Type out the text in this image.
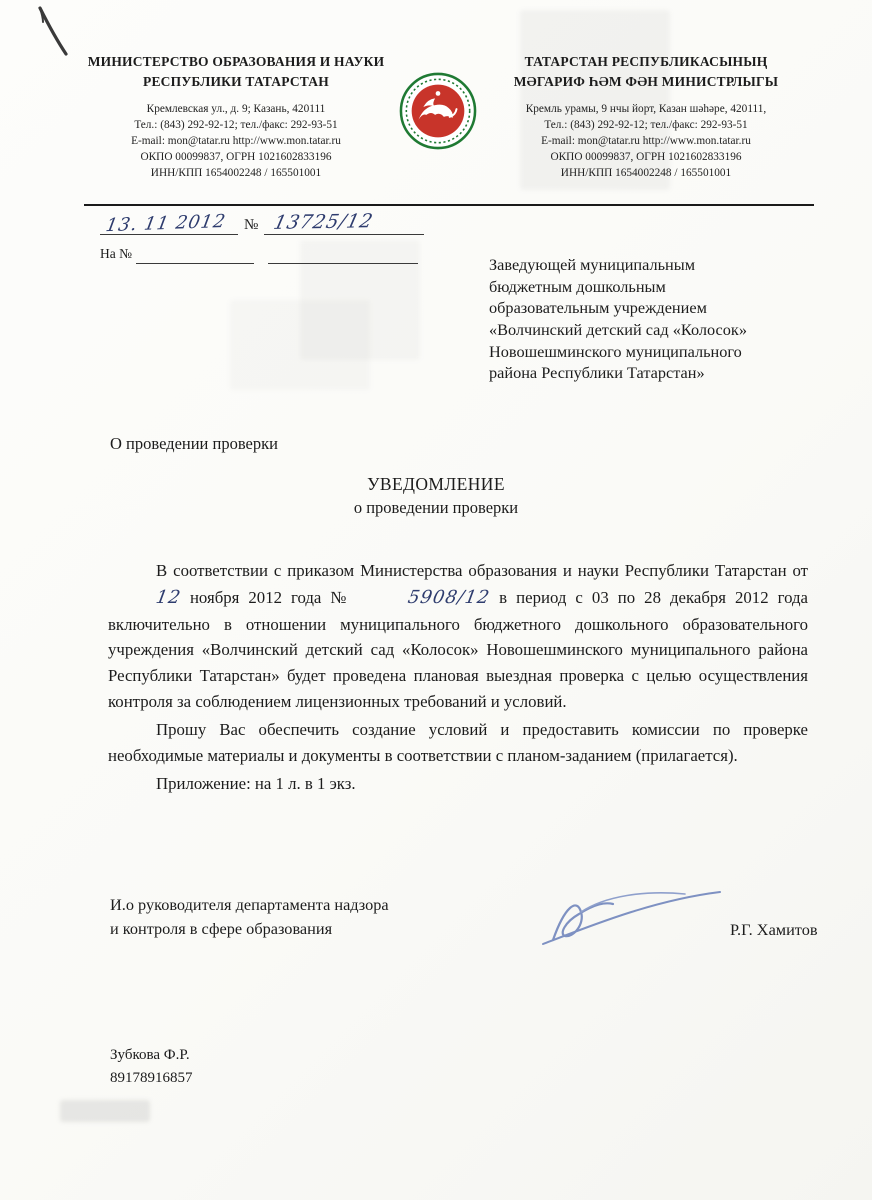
МИНИСТЕРСТВО ОБРАЗОВАНИЯ И НАУКИ
РЕСПУБЛИКИ ТАТАРСТАН
Кремлевская ул., д. 9; Казань, 420111
Тел.: (843) 292-92-12; тел./факс: 292-93-51
E-mail: mon@tatar.ru http://www.mon.tatar.ru
ОКПО 00099837, ОГРН 1021602833196
ИНН/КПП 1654002248 / 165501001
ТАТАРСТАН РЕСПУБЛИКАСЫНЫҢ
МӘГАРИФ ҺӘМ ФӘН МИНИСТРЛЫГЫ
Кремль урамы, 9 нчы йорт, Казан шәһәре, 420111,
Тел.: (843) 292-92-12; тел./факс: 292-93-51
E-mail: mon@tatar.ru http://www.mon.tatar.ru
ОКПО 00099837, ОГРН 1021602833196
ИНН/КПП 1654002248 / 165501001
13. 11 2012 № 13725/12
На №
Заведующей муниципальным
бюджетным дошкольным
образовательным учреждением
«Волчинский детский сад «Колосок»
Новошешминского муниципального
района Республики Татарстан»
О проведении проверки
УВЕДОМЛЕНИЕ
о проведении проверки

В соответствии с приказом Министерства образования и науки Республики Татарстан от 12 ноября 2012 года №	5908/12 в период с 03 по 28 декабря 2012 года включительно в отношении муниципального бюджетного дошкольного образовательного учреждения «Волчинский детский сад «Колосок» Новошешминского муниципального района Республики Татарстан» будет проведена плановая выездная проверка с целью осуществления контроля за соблюдением лицензионных требований и условий.

Прошу Вас обеспечить создание условий и предоставить комиссии по проверке необходимые материалы и документы в соответствии с планом-заданием (прилагается).

Приложение: на 1 л. в 1 экз.

И.о руководителя департамента надзора
и контроля в сфере образования	Р.Г. Хамитов
Зубкова Ф.Р.
89178916857
